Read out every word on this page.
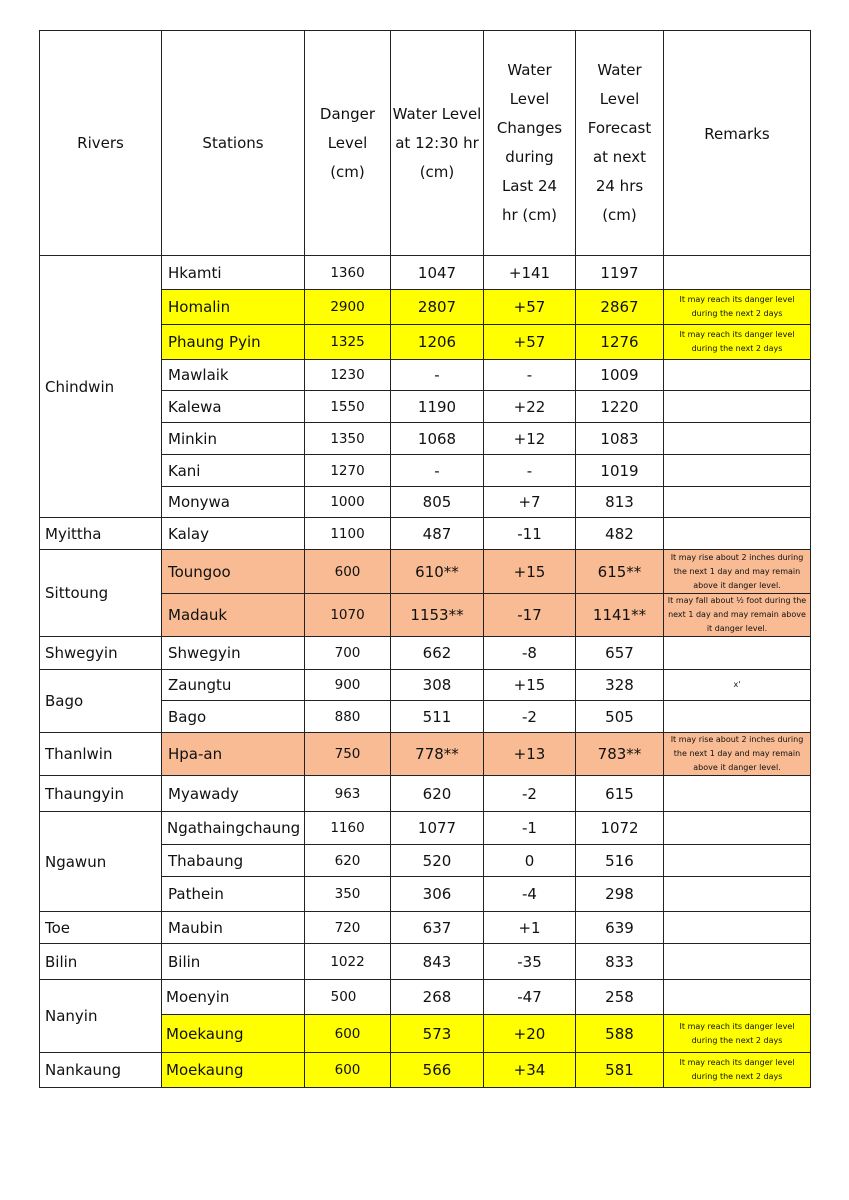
Rivers	Stations	Danger Level (cm)	Water Level at 12:30 hr (cm)	Water Level Changes during Last 24 hr (cm)	Water Level Forecast at next 24 hrs (cm)	Remarks
Chindwin	Hkamti	1360	1047	+141	1197	
	Homalin	2900	2807	+57	2867	It may reach its danger level during the next 2 days
	Phaung Pyin	1325	1206	+57	1276	It may reach its danger level during the next 2 days
	Mawlaik	1230	-	-	1009	
	Kalewa	1550	1190	+22	1220	
	Minkin	1350	1068	+12	1083	
	Kani	1270	-	-	1019	
	Monywa	1000	805	+7	813	
Myittha	Kalay	1100	487	-11	482	
Sittoung	Toungoo	600	610**	+15	615**	It may rise about 2 inches during the next 1 day and may remain above it danger level.
	Madauk	1070	1153**	-17	1141**	It may fall about ½ foot during the next 1 day and may remain above it danger level.
Shwegyin	Shwegyin	700	662	-8	657	
Bago	Zaungtu	900	308	+15	328	x'
	Bago	880	511	-2	505	
Thanlwin	Hpa-an	750	778**	+13	783**	It may rise about 2 inches during the next 1 day and may remain above it danger level.
Thaungyin	Myawady	963	620	-2	615	
Ngawun	Ngathaingchaung	1160	1077	-1	1072	
	Thabaung	620	520	0	516	
	Pathein	350	306	-4	298	
Toe	Maubin	720	637	+1	639	
Bilin	Bilin	1022	843	-35	833	
Nanyin	Moenyin	500	268	-47	258	
	Moekaung	600	573	+20	588	It may reach its danger level during the next 2 days
Nankaung	Moekaung	600	566	+34	581	It may reach its danger level during the next 2 days
